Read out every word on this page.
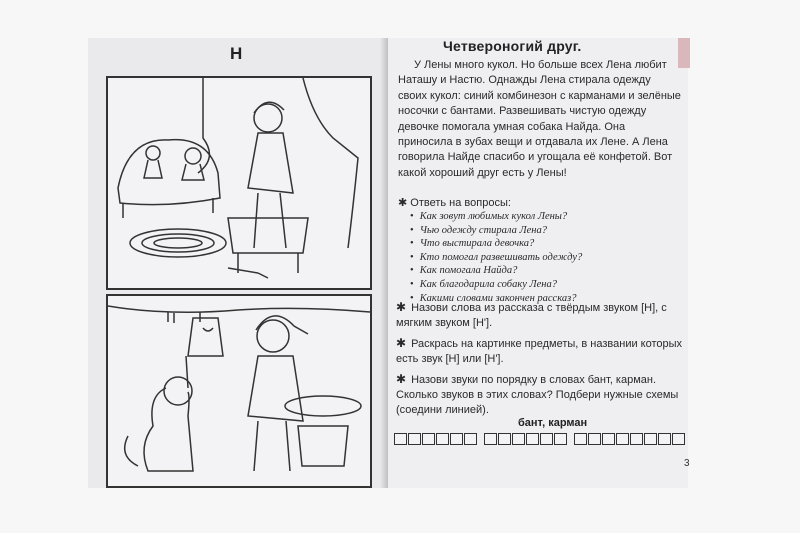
Н	Четвероногий друг.

У Лены много кукол. Но больше всех Лена любит Наташу и Настю. Однажды Лена стирала одежду своих кукол: синий комбинезон с карманами и зелёные носочки с бантами. Развешивать чистую одежду девочке помогала умная собака Найда. Она приносила в зубах вещи и отдавала их Лене. А Лена говорила Найде спасибо и угощала её конфетой. Вот какой хороший друг есть у Лены!

✱ Ответь на вопросы:
• Как зовут любимых кукол Лены?
• Чью одежду стирала Лена?
• Что выстирала девочка?
• Кто помогал развешивать одежду?
• Как помогала Найда?
• Как благодарила собаку Лена?
• Какими словами закончен рассказ?
✱ Назови слова из рассказа с твёрдым звуком [Н], с мягким звуком [Н'].
✱ Раскрась на картинке предметы, в названии которых есть звук [Н] или [Н'].
✱ Назови звуки по порядку в словах бант, карман. Сколько звуков в этих словах? Подбери нужные схемы (соедини линией).
бант, карман
3
